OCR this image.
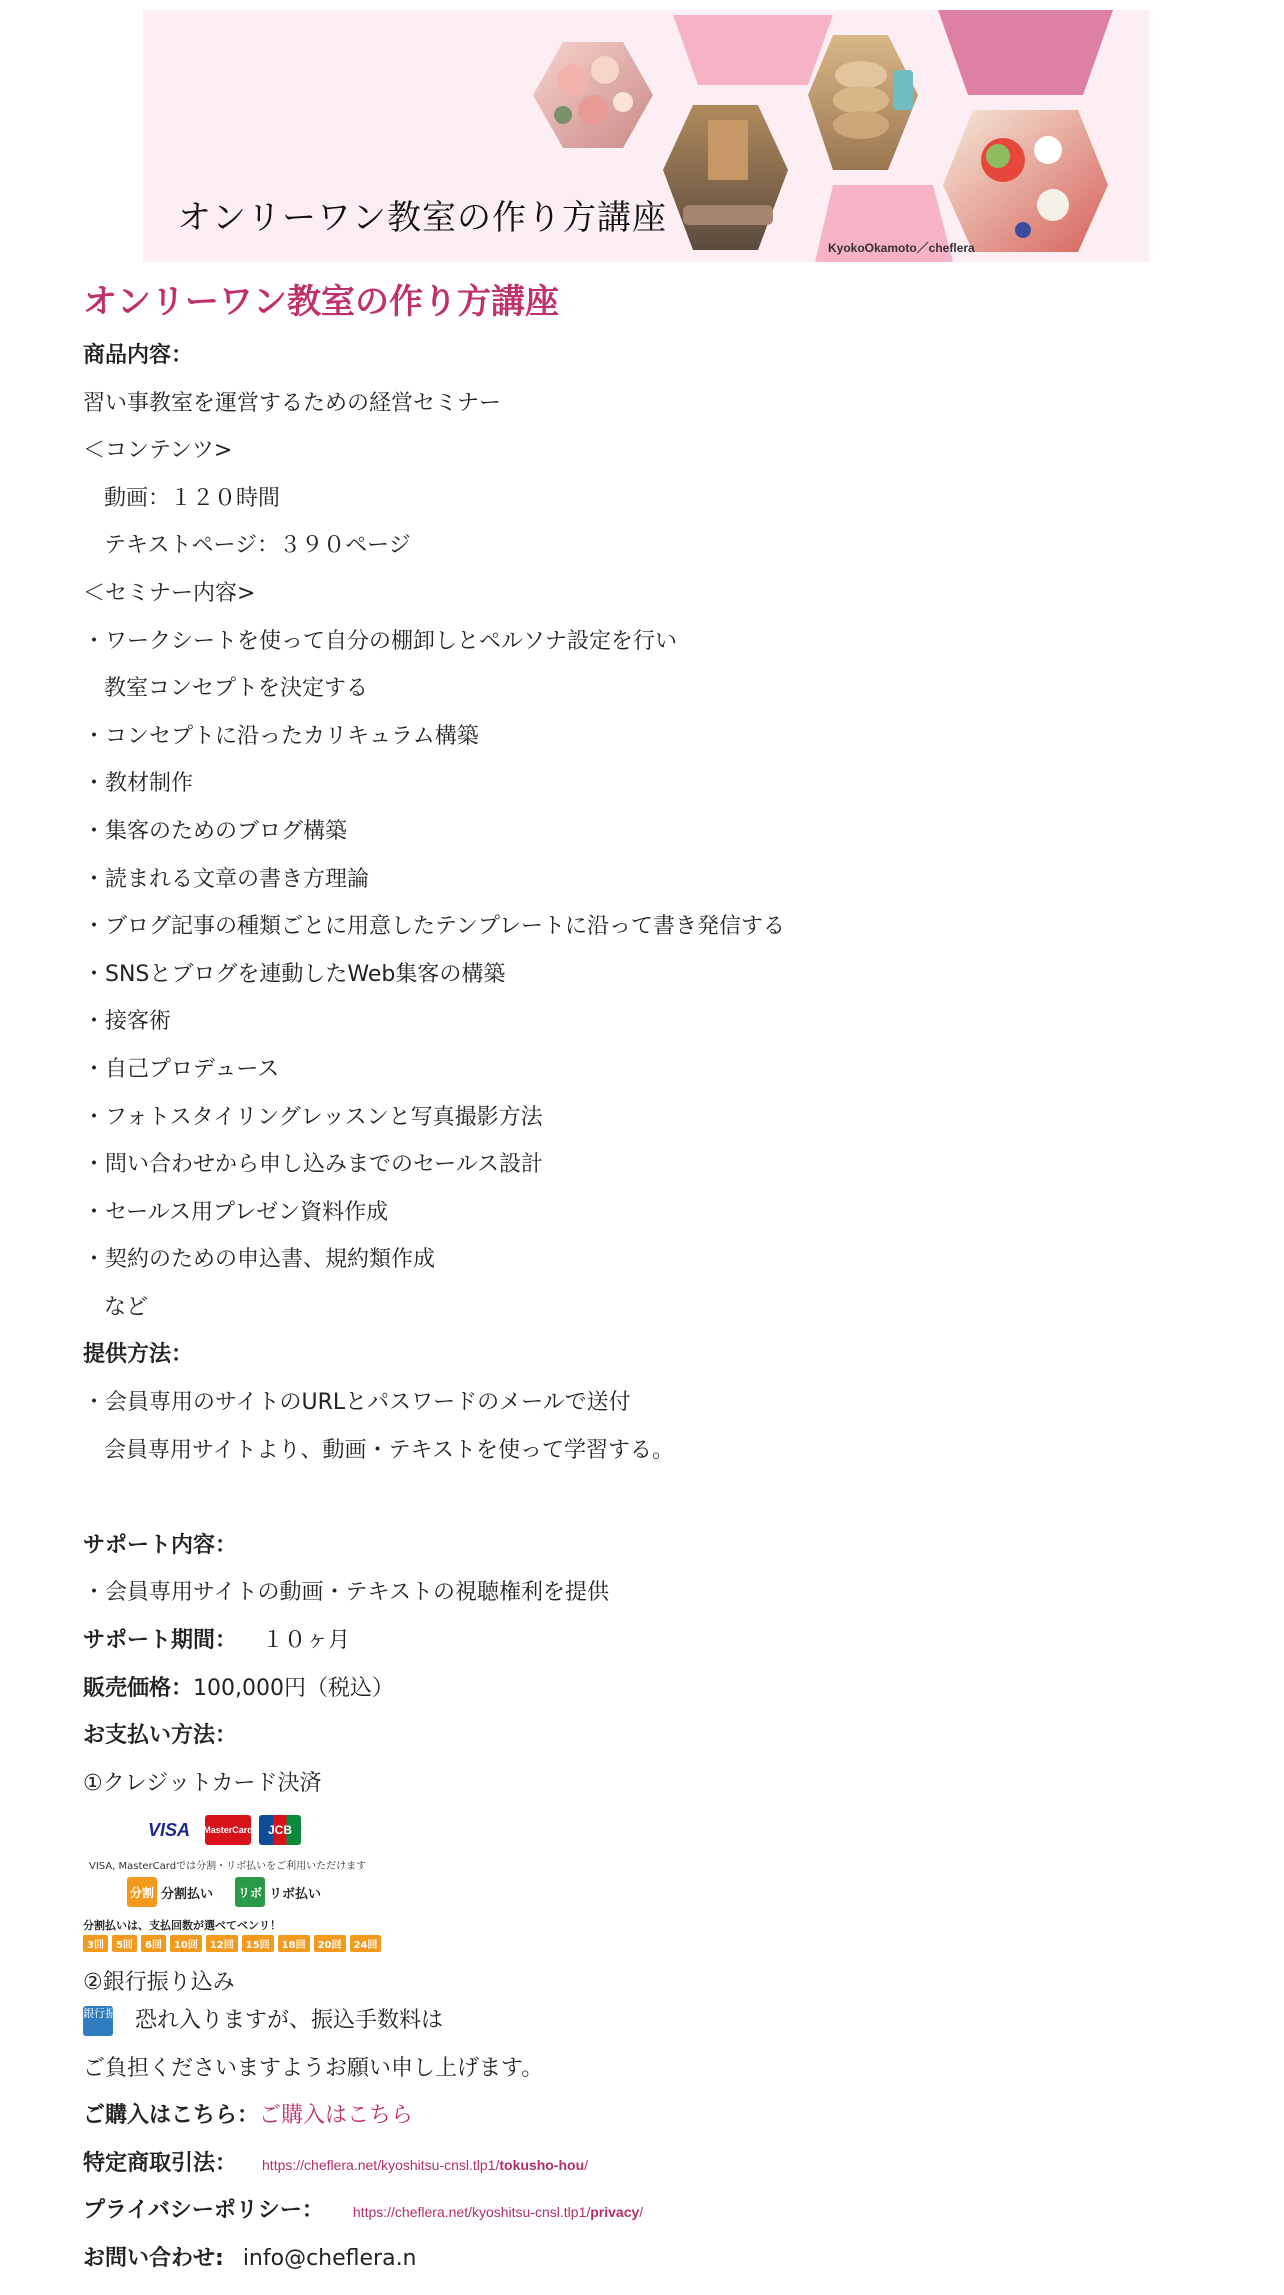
オンリーワン教室の作り方講座
KyokoOkamoto／cheflera
オンリーワン教室の作り方講座
商品内容：
習い事教室を運営するための経営セミナー
＜コンテンツ>
動画：１２０時間
テキストページ：３９０ページ
＜セミナー内容>
・ワークシートを使って自分の棚卸しとペルソナ設定を行い
教室コンセプトを決定する
・コンセプトに沿ったカリキュラム構築
・教材制作
・集客のためのブログ構築
・読まれる文章の書き方理論
・ブログ記事の種類ごとに用意したテンプレートに沿って書き発信する
・SNSとブログを連動したWeb集客の構築
・接客術
・自己プロデュース
・フォトスタイリングレッスンと写真撮影方法
・問い合わせから申し込みまでのセールス設計
・セールス用プレゼン資料作成
・契約のための申込書、規約類作成
など
提供方法：
・会員専用のサイトのURLとパスワードのメールで送付
会員専用サイトより、動画・テキストを使って学習する。
サポート内容：
・会員専用サイトの動画・テキストの視聴権利を提供
サポート期間： １０ヶ月
販売価格：100,000円（税込）
お支払い方法：
①クレジットカード決済
VISA	MasterCard	JCB
VISA, MasterCardでは分割・リボ払いをご利用いただけます
分割 分割払い リボ リボ払い
分割払いは、支払回数が選べてベンリ！
3回	5回	6回	10回	12回	15回	18回	20回	24回
②銀行振り込み
銀行振込 恐れ入りますが、振込手数料は
ご負担くださいますようお願い申し上げます。
ご購入はこちら：ご購入はこちら
特定商取引法： https://cheflera.net/kyoshitsu-cnsl.tlp1/tokusho-hou/
プライバシーポリシー： https://cheflera.net/kyoshitsu-cnsl.tlp1/privacy/
お問い合わせ: info@cheflera.n
